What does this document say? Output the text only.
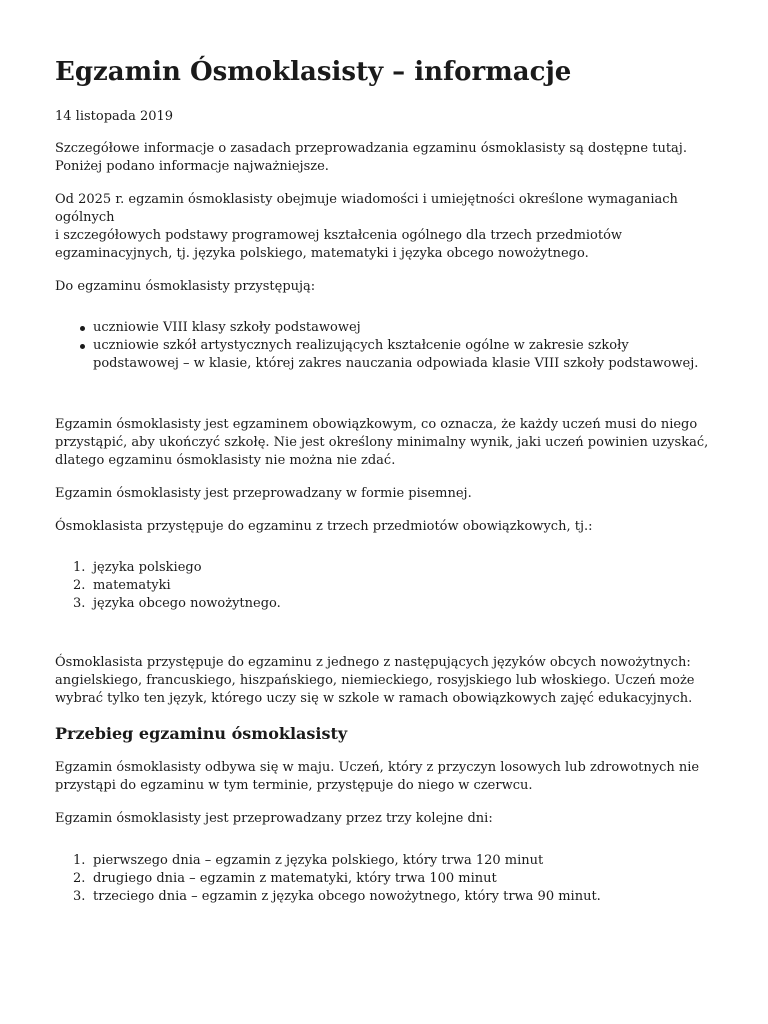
Egzamin Ósmoklasisty – informacje

14 listopada 2019

Szczegółowe informacje o zasadach przeprowadzania egzaminu ósmoklasisty są dostępne tutaj. Poniżej podano informacje najważniejsze.

Od 2025 r. egzamin ósmoklasisty obejmuje wiadomości i umiejętności określone wymaganiach ogólnych
i szczegółowych podstawy programowej kształcenia ogólnego dla trzech przedmiotów egzaminacyjnych, tj. języka polskiego, matematyki i języka obcego nowożytnego.

Do egzaminu ósmoklasisty przystępują:

uczniowie VIII klasy szkoły podstawowej
uczniowie szkół artystycznych realizujących kształcenie ogólne w zakresie szkoły podstawowej – w klasie, której zakres nauczania odpowiada klasie VIII szkoły podstawowej.

Egzamin ósmoklasisty jest egzaminem obowiązkowym, co oznacza, że każdy uczeń musi do niego przystąpić, aby ukończyć szkołę. Nie jest określony minimalny wynik, jaki uczeń powinien uzyskać, dlatego egzaminu ósmoklasisty nie można nie zdać.

Egzamin ósmoklasisty jest przeprowadzany w formie pisemnej.

Ósmoklasista przystępuje do egzaminu z trzech przedmiotów obowiązkowych, tj.:

1. języka polskiego
2. matematyki
3. języka obcego nowożytnego.

Ósmoklasista przystępuje do egzaminu z jednego z następujących języków obcych nowożytnych: angielskiego, francuskiego, hiszpańskiego, niemieckiego, rosyjskiego lub włoskiego. Uczeń może wybrać tylko ten język, którego uczy się w szkole w ramach obowiązkowych zajęć edukacyjnych.

Przebieg egzaminu ósmoklasisty

Egzamin ósmoklasisty odbywa się w maju. Uczeń, który z przyczyn losowych lub zdrowotnych nie przystąpi do egzaminu w tym terminie, przystępuje do niego w czerwcu.

Egzamin ósmoklasisty jest przeprowadzany przez trzy kolejne dni:

1. pierwszego dnia – egzamin z języka polskiego, który trwa 120 minut
2. drugiego dnia – egzamin z matematyki, który trwa 100 minut
3. trzeciego dnia – egzamin z języka obcego nowożytnego, który trwa 90 minut.
